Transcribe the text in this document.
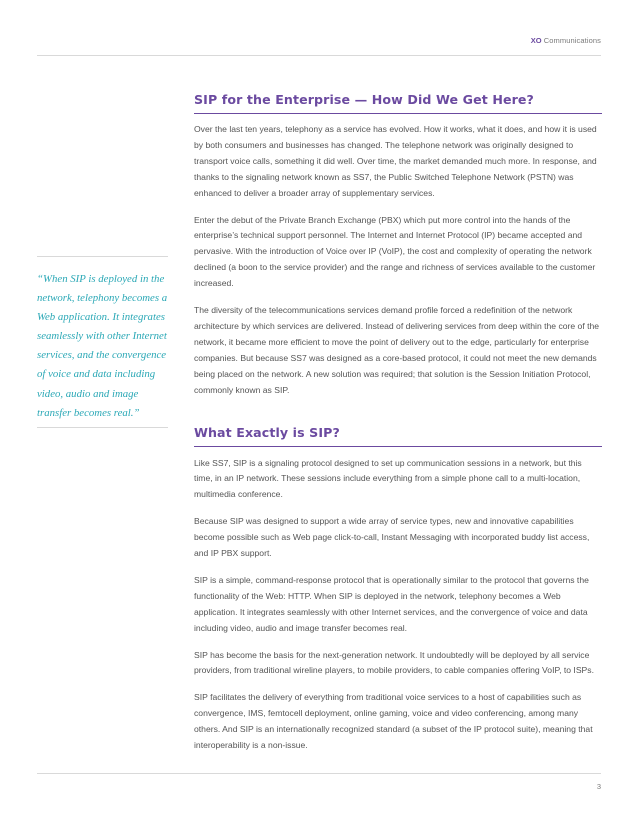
XO Communications

“When SIP is deployed in the network, telephony becomes a Web application. It integrates seamlessly with other Internet services, and the convergence of voice and data including video, audio and image transfer becomes real.”

SIP for the Enterprise — How Did We Get Here?

Over the last ten years, telephony as a service has evolved. How it works, what it does, and how it is used by both consumers and businesses has changed. The telephone network was originally designed to transport voice calls, something it did well. Over time, the market demanded much more. In response, and thanks to the signaling network known as SS7, the Public Switched Telephone Network (PSTN) was enhanced to deliver a broader array of supplementary services.

Enter the debut of the Private Branch Exchange (PBX) which put more control into the hands of the enterprise’s technical support personnel. The Internet and Internet Protocol (IP) became accepted and pervasive. With the introduction of Voice over IP (VoIP), the cost and complexity of operating the network declined (a boon to the service provider) and the range and richness of services available to the customer increased.

The diversity of the telecommunications services demand profile forced a redefinition of the network architecture by which services are delivered. Instead of delivering services from deep within the core of the network, it became more efficient to move the point of delivery out to the edge, particularly for enterprise companies. But because SS7 was designed as a core-based protocol, it could not meet the new demands being placed on the network. A new solution was required; that solution is the Session Initiation Protocol, commonly known as SIP.

What Exactly is SIP?

Like SS7, SIP is a signaling protocol designed to set up communication sessions in a network, but this time, in an IP network. These sessions include everything from a simple phone call to a multi-location, multimedia conference.

Because SIP was designed to support a wide array of service types, new and innovative capabilities become possible such as Web page click-to-call, Instant Messaging with incorporated buddy list access, and IP PBX support.

SIP is a simple, command-response protocol that is operationally similar to the protocol that governs the functionality of the Web: HTTP. When SIP is deployed in the network, telephony becomes a Web application. It integrates seamlessly with other Internet services, and the convergence of voice and data including video, audio and image transfer becomes real.

SIP has become the basis for the next-generation network. It undoubtedly will be deployed by all service providers, from traditional wireline players, to mobile providers, to cable companies offering VoIP, to ISPs.

SIP facilitates the delivery of everything from traditional voice services to a host of capabilities such as convergence, IMS, femtocell deployment, online gaming, voice and video conferencing, among many others. And SIP is an internationally recognized standard (a subset of the IP protocol suite), meaning that interoperability is a non-issue.

3
